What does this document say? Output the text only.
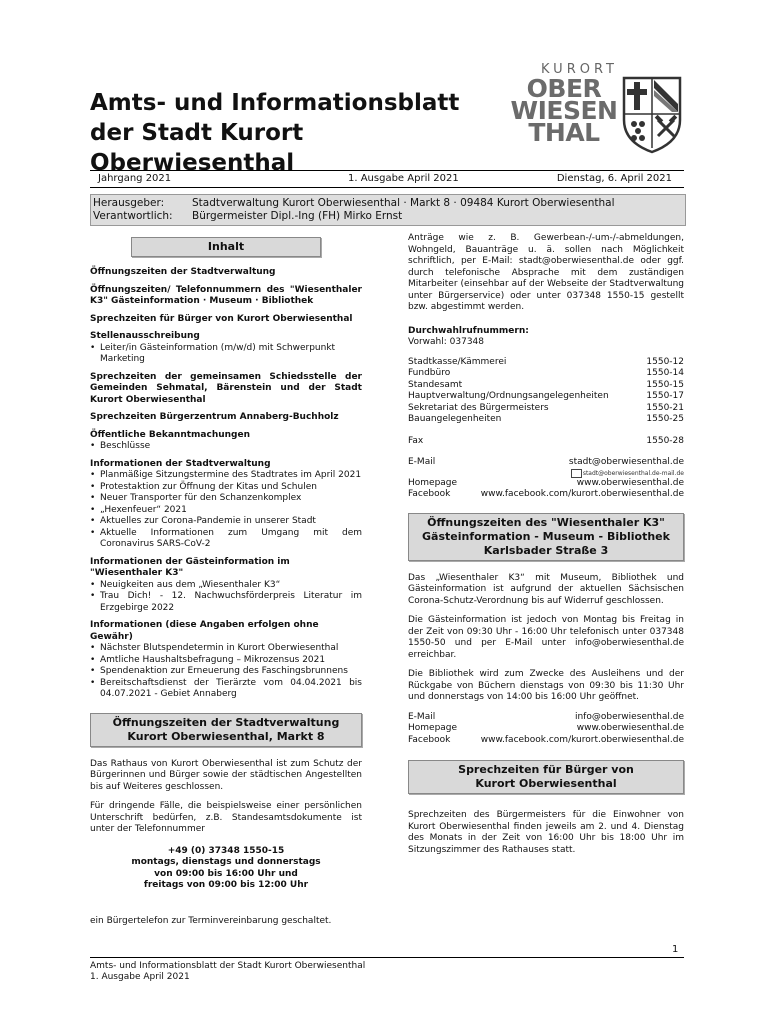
Amts- und Informationsblatt
der Stadt Kurort Oberwiesenthal
KURORT
OBER
WIESEN
THAL
Jahrgang 2021	1. Ausgabe April 2021	Dienstag, 6. April 2021
Herausgeber:	Stadtverwaltung Kurort Oberwiesenthal · Markt 8 · 09484 Kurort Oberwiesenthal
Verantwortlich: Bürgermeister Dipl.-Ing (FH) Mirko Ernst
Inhalt
Öffnungszeiten der Stadtverwaltung
Öffnungszeiten/ Telefonnummern des "Wiesenthaler K3" Gästeinformation · Museum · Bibliothek
Sprechzeiten für Bürger von Kurort Oberwiesenthal
Stellenausschreibung
• Leiter/in Gästeinformation (m/w/d) mit Schwerpunkt Marketing
Sprechzeiten der gemeinsamen Schiedsstelle der Gemeinden Sehmatal, Bärenstein und der Stadt Kurort Oberwiesenthal
Sprechzeiten Bürgerzentrum Annaberg-Buchholz
Öffentliche Bekanntmachungen
• Beschlüsse
Informationen der Stadtverwaltung
• Planmäßige Sitzungstermine des Stadtrates im April 2021
• Protestaktion zur Öffnung der Kitas und Schulen
• Neuer Transporter für den Schanzenkomplex
• „Hexenfeuer“ 2021
• Aktuelles zur Corona-Pandemie in unserer Stadt
• Aktuelle Informationen zum Umgang mit dem Coronavirus SARS-CoV-2
Informationen der Gästeinformation im "Wiesenthaler K3"
• Neuigkeiten aus dem „Wiesenthaler K3“
• Trau Dich! - 12. Nachwuchsförderpreis Literatur im Erzgebirge 2022
Informationen (diese Angaben erfolgen ohne Gewähr)
• Nächster Blutspendetermin in Kurort Oberwiesenthal
• Amtliche Haushaltsbefragung – Mikrozensus 2021
• Spendenaktion zur Erneuerung des Faschingsbrunnens
• Bereitschaftsdienst der Tierärzte vom 04.04.2021 bis 04.07.2021 - Gebiet Annaberg
Öffnungszeiten der Stadtverwaltung
Kurort Oberwiesenthal, Markt 8
Das Rathaus von Kurort Oberwiesenthal ist zum Schutz der Bürgerinnen und Bürger sowie der städtischen Angestellten bis auf Weiteres geschlossen.
Für dringende Fälle, die beispielsweise einer persönlichen Unterschrift bedürfen, z.B. Standesamtsdokumente ist unter der Telefonnummer
+49 (0) 37348 1550-15
montags, dienstags und donnerstags
von 09:00 bis 16:00 Uhr und
freitags von 09:00 bis 12:00 Uhr
ein Bürgertelefon zur Terminvereinbarung geschaltet.
Anträge wie z. B. Gewerbean-/-um-/-abmeldungen, Wohngeld, Bauanträge u. ä. sollen nach Möglichkeit schriftlich, per E-Mail: stadt@oberwiesenthal.de oder ggf. durch telefonische Absprache mit dem zuständigen Mitarbeiter (einsehbar auf der Webseite der Stadtverwaltung unter Bürgerservice) oder unter 037348 1550-15 gestellt bzw. abgestimmt werden.
Durchwahlrufnummern:
Vorwahl: 037348
Stadtkasse/Kämmerei	1550-12
Fundbüro	1550-14
Standesamt	1550-15
Hauptverwaltung/Ordnungsangelegenheiten	1550-17
Sekretariat des Bürgermeisters	1550-21
Bauangelegenheiten	1550-25
Fax	1550-28
E-Mail	stadt@oberwiesenthal.de
stadt@oberwiesenthal.de-mail.de
Homepage	www.oberwiesenthal.de
Facebook	www.facebook.com/kurort.oberwiesenthal.de
Öffnungszeiten des "Wiesenthaler K3"
Gästeinformation - Museum - Bibliothek
Karlsbader Straße 3
Das „Wiesenthaler K3“ mit Museum, Bibliothek und Gästeinformation ist aufgrund der aktuellen Sächsischen Corona-Schutz-Verordnung bis auf Widerruf geschlossen.
Die Gästeinformation ist jedoch von Montag bis Freitag in der Zeit von 09:30 Uhr - 16:00 Uhr telefonisch unter 037348 1550-50 und per E-Mail unter info@oberwiesenthal.de erreichbar.
Die Bibliothek wird zum Zwecke des Ausleihens und der Rückgabe von Büchern dienstags von 09:30 bis 11:30 Uhr und donnerstags von 14:00 bis 16:00 Uhr geöffnet.
E-Mail	info@oberwiesenthal.de
Homepage	www.oberwiesenthal.de
Facebook	www.facebook.com/kurort.oberwiesenthal.de
Sprechzeiten für Bürger von
Kurort Oberwiesenthal
Sprechzeiten des Bürgermeisters für die Einwohner von Kurort Oberwiesenthal finden jeweils am 2. und 4. Dienstag des Monats in der Zeit von 16:00 Uhr bis 18:00 Uhr im Sitzungszimmer des Rathauses statt.
1
Amts- und Informationsblatt der Stadt Kurort Oberwiesenthal
1. Ausgabe April 2021
